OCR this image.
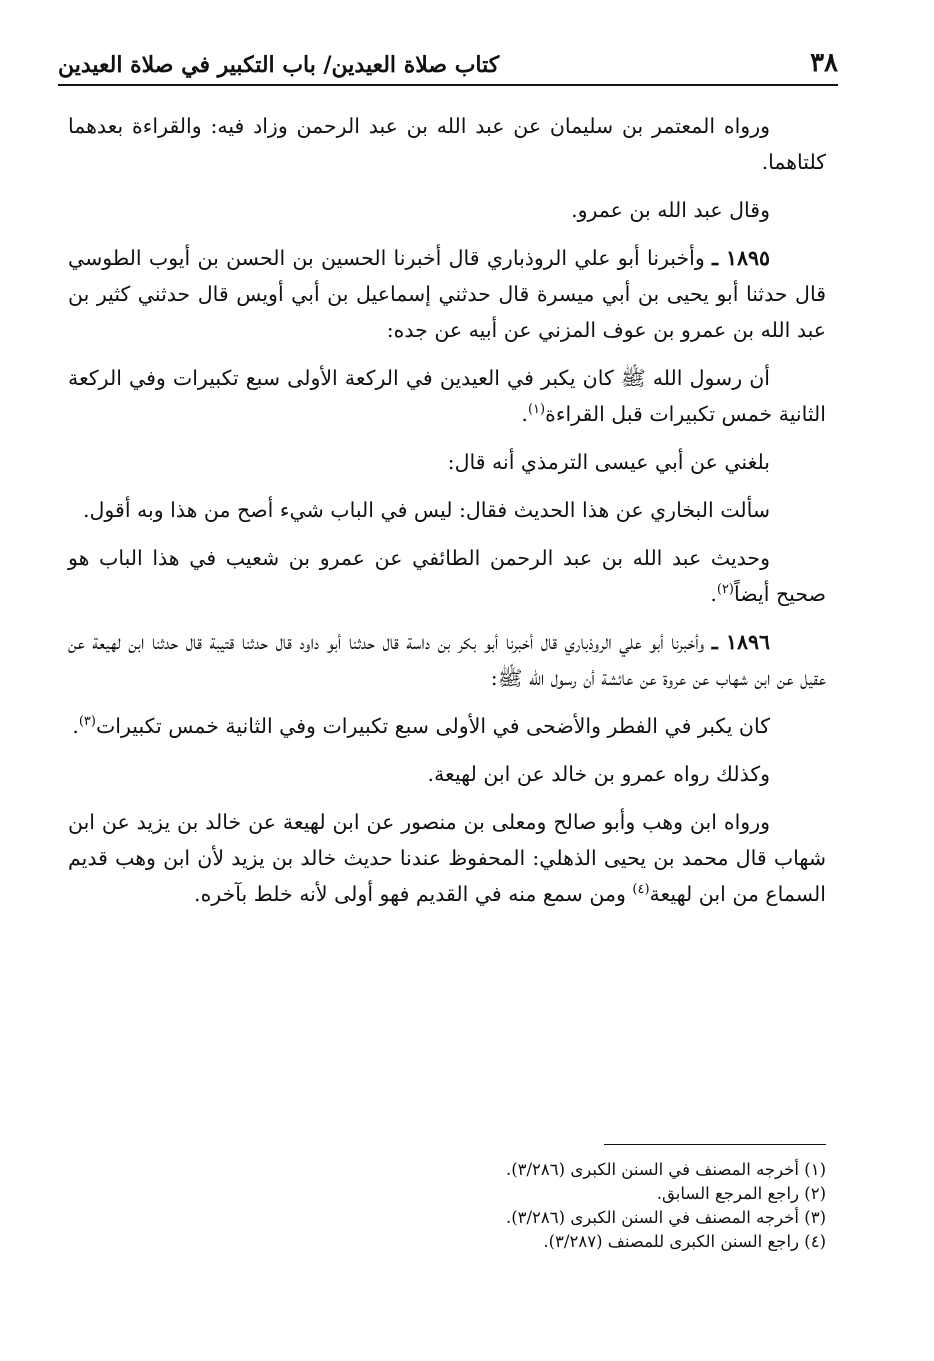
٣٨
كتاب صلاة العيدين/ باب التكبير في صلاة العيدين

ورواه المعتمر بن سليمان عن عبد الله بن عبد الرحمن وزاد فيه: والقراءة بعدهما كلتاهما.

وقال عبد الله بن عمرو.

١٨٩٥ ـ وأخبرنا أبو علي الروذباري قال أخبرنا الحسين بن الحسن بن أيوب الطوسي قال حدثنا أبو يحيى بن أبي ميسرة قال حدثني إسماعيل بن أبي أويس قال حدثني كثير بن عبد الله بن عمرو بن عوف المزني عن أبيه عن جده:

أن رسول الله ﷺ كان يكبر في العيدين في الركعة الأولى سبع تكبيرات وفي الركعة الثانية خمس تكبيرات قبل القراءة$^{(١)}$.

بلغني عن أبي عيسى الترمذي أنه قال:

سألت البخاري عن هذا الحديث فقال: ليس في الباب شيء أصح من هذا وبه أقول.

وحديث عبد الله بن عبد الرحمن الطائفي عن عمرو بن شعيب في هذا الباب هو صحيح أيضاً$^{(٢)}$.

١٨٩٦ ـ وأخبرنا أبو علي الروذباري قال أخبرنا أبو بكر بن داسة قال حدثنا أبو داود قال حدثنا قتيبة قال حدثنا ابن لهيعة عن عقيل عن ابن شهاب عن عروة عن عائشة أن رسول الله ﷺ:

كان يكبر في الفطر والأضحى في الأولى سبع تكبيرات وفي الثانية خمس تكبيرات$^{(٣)}$.

وكذلك رواه عمرو بن خالد عن ابن لهيعة.

ورواه ابن وهب وأبو صالح ومعلى بن منصور عن ابن لهيعة عن خالد بن يزيد عن ابن شهاب قال محمد بن يحيى الذهلي: المحفوظ عندنا حديث خالد بن يزيد لأن ابن وهب قديم السماع من ابن لهيعة$^{(٤)}$ ومن سمع منه في القديم فهو أولى لأنه خلط بآخره.

(١) أخرجه المصنف في السنن الكبرى (٣/٢٨٦).
(٢) راجع المرجع السابق.
(٣) أخرجه المصنف في السنن الكبرى (٣/٢٨٦).
(٤) راجع السنن الكبرى للمصنف (٣/٢٨٧).
